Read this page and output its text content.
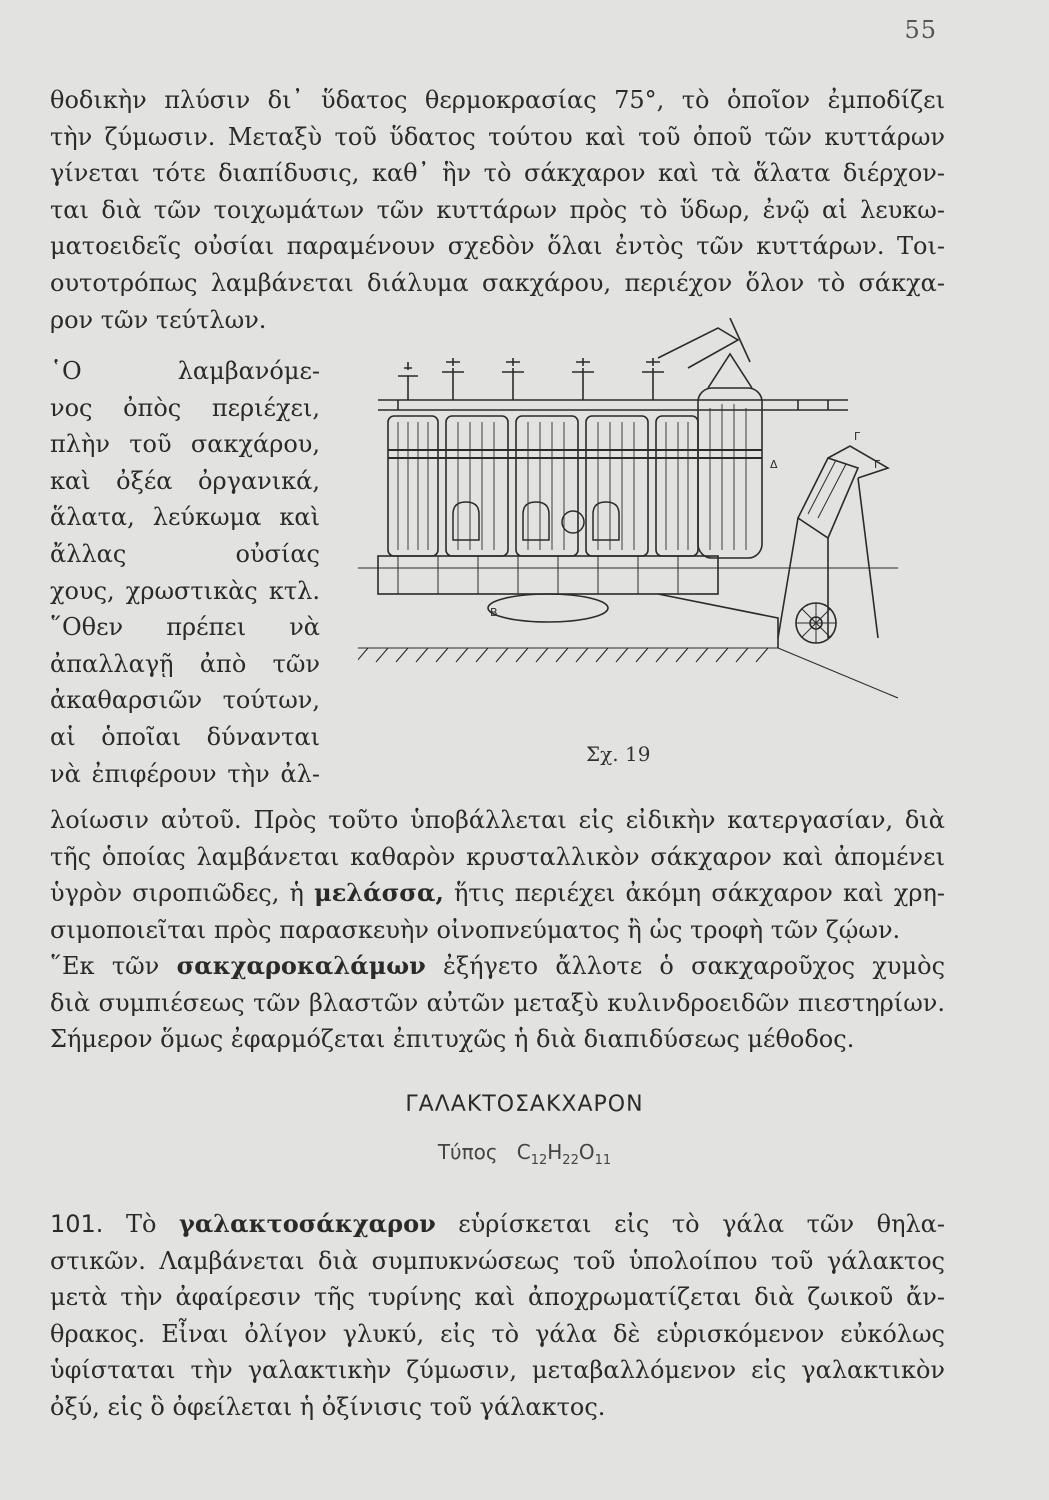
55
θοδικὴν πλύσιν δι᾽ ὕδατος θερμοκρασίας 75°, τὸ ὁποῖον ἐμποδίζει
τὴν ζύμωσιν. Μεταξὺ τοῦ ὕδατος τούτου καὶ τοῦ ὀποῦ τῶν κυττάρων
γίνεται τότε διαπίδυσις, καθ᾽ ἣν τὸ σάκχαρον καὶ τὰ ἅλατα διέρχον-
ται διὰ τῶν τοιχωμάτων τῶν κυττάρων πρὸς τὸ ὕδωρ, ἐνῷ αἱ λευκω-
ματοειδεῖς οὐσίαι παραμένουν σχεδὸν ὅλαι ἐντὸς τῶν κυττάρων. Τοι-
ουτοτρόπως λαμβάνεται διάλυμα σακχάρου, περιέχον ὅλον τὸ σάκχα-
ρον τῶν τεύτλων.
῾Ο λαμβανόμε-
νος ὀπὸς περιέχει,
πλὴν τοῦ σακχάρου,
καὶ ὀξέα ὀργανικά,
ἅλατα, λεύκωμα καὶ
ἄλλας οὐσίας
χους, χρωστικὰς κτλ.
῞Οθεν πρέπει νὰ
ἀπαλλαγῇ ἀπὸ τῶν
ἀκαθαρσιῶν τούτων,
αἱ ὁποῖαι δύνανται
νὰ ἐπιφέρουν τὴν ἀλ-
Γ
Δ	Γ
B
Σχ. 19
λοίωσιν αὐτοῦ. Πρὸς τοῦτο ὑποβάλλεται εἰς εἰδικὴν κατεργασίαν, διὰ
τῆς ὁποίας λαμβάνεται καθαρὸν κρυσταλλικὸν σάκχαρον καὶ ἀπομένει
ὑγρὸν σιροπιῶδες, ἡ μελάσσα, ἥτις περιέχει ἀκόμη σάκχαρον καὶ χρη-
σιμοποιεῖται πρὸς παρασκευὴν οἰνοπνεύματος ἢ ὡς τροφὴ τῶν ζῴων.
῞Εκ τῶν σακχαροκαλάμων ἐξήγετο ἄλλοτε ὁ σακχαροῦχος χυμὸς
διὰ συμπιέσεως τῶν βλαστῶν αὐτῶν μεταξὺ κυλινδροειδῶν πιεστηρίων.
Σήμερον ὅμως ἐφαρμόζεται ἐπιτυχῶς ἡ διὰ διαπιδύσεως μέθοδος.
ΓΑΛΑΚΤΟΣΑΚΧΑΡΟΝ
Τύπος $C_{12}H_{22}O_{11}$
101. Τὸ γαλακτοσάκχαρον εὑρίσκεται εἰς τὸ γάλα τῶν θηλα-
στικῶν. Λαμβάνεται διὰ συμπυκνώσεως τοῦ ὑπολοίπου τοῦ γάλακτος
μετὰ τὴν ἀφαίρεσιν τῆς τυρίνης καὶ ἀποχρωματίζεται διὰ ζωικοῦ ἄν-
θρακος. Εἶναι ὀλίγον γλυκύ, εἰς τὸ γάλα δὲ εὑρισκόμενον εὐκόλως
ὑφίσταται τὴν γαλακτικὴν ζύμωσιν, μεταβαλλόμενον εἰς γαλακτικὸν
ὀξύ, εἰς ὃ ὀφείλεται ἡ ὀξίνισις τοῦ γάλακτος.
